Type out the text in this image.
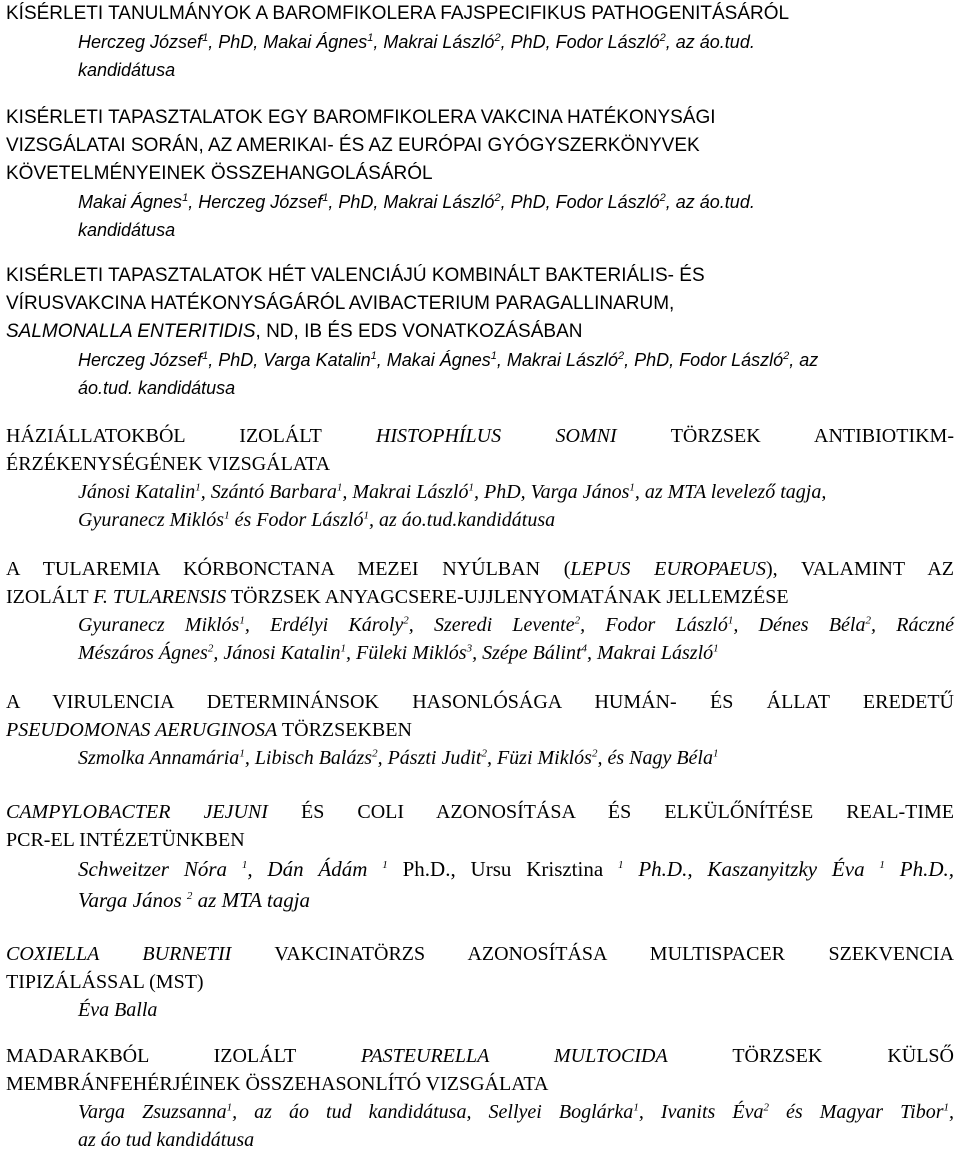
KÍSÉRLETI TANULMÁNYOK A BAROMFIKOLERA FAJSPECIFIKUS PATHOGENITÁSÁRÓL
Herczeg József$^1$, PhD, Makai Ágnes$^1$, Makrai László$^2$, PhD, Fodor László$^2$, az áo.tud.
kandidátusa
KISÉRLETI TAPASZTALATOK EGY BAROMFIKOLERA VAKCINA HATÉKONYSÁGI
VIZSGÁLATAI SORÁN, AZ AMERIKAI- ÉS AZ EURÓPAI GYÓGYSZERKÖNYVEK
KÖVETELMÉNYEINEK ÖSSZEHANGOLÁSÁRÓL
Makai Ágnes$^1$, Herczeg József$^1$, PhD, Makrai László$^2$, PhD, Fodor László$^2$, az áo.tud.
kandidátusa
KISÉRLETI TAPASZTALATOK HÉT VALENCIÁJÚ KOMBINÁLT BAKTERIÁLIS- ÉS
VÍRUSVAKCINA HATÉKONYSÁGÁRÓL AVIBACTERIUM PARAGALLINARUM,
SALMONALLA ENTERITIDIS, ND, IB ÉS EDS VONATKOZÁSÁBAN
Herczeg József$^1$, PhD, Varga Katalin$^1$, Makai Ágnes$^1$, Makrai László$^2$, PhD, Fodor László$^2$, az
áo.tud. kandidátusa
HÁZIÁLLATOKBÓL IZOLÁLT HISTOPHÍLUS SOMNI	TÖRZSEK ANTIBIOTIKM-
ÉRZÉKENYSÉGÉNEK VIZSGÁLATA
Jánosi Katalin$^1$, Szántó Barbara$^1$, Makrai László$^1$, PhD, Varga János$^1$, az MTA levelező tagja,
Gyuranecz Miklós$^1$ és Fodor László$^1$, az áo.tud.kandidátusa
A TULAREMIA KÓRBONCTANA MEZEI NYÚLBAN (LEPUS EUROPAEUS), VALAMINT AZ
IZOLÁLT F. TULARENSIS TÖRZSEK ANYAGCSERE-UJJLENYOMATÁNAK JELLEMZÉSE
Gyuranecz Miklós$^1$, Erdélyi Károly$^2$, Szeredi Levente$^2$, Fodor László$^1$, Dénes Béla$^2$, Ráczné
Mészáros Ágnes$^2$, Jánosi Katalin$^1$, Füleki Miklós$^3$, Szépe Bálint$^4$, Makrai László$^1$
A VIRULENCIA DETERMINÁNSOK HASONLÓSÁGA HUMÁN- ÉS ÁLLAT EREDETŰ
PSEUDOMONAS AERUGINOSA TÖRZSEKBEN
Szmolka Annamária$^1$, Libisch Balázs$^2$, Pászti Judit$^2$, Füzi Miklós$^2$, és Nagy Béla$^1$
CAMPYLOBACTER JEJUNI ÉS COLI AZONOSÍTÁSA ÉS ELKÜLŐNÍTÉSE REAL-TIME
PCR-EL INTÉZETÜNKBEN
Schweitzer Nóra $^1$, Dán Ádám $^1$ Ph.D., Ursu Krisztina $^1$ Ph.D., Kaszanyitzky Éva $^1$ Ph.D.,
Varga János $^2$ az MTA tagja
COXIELLA BURNETII VAKCINATÖRZS AZONOSÍTÁSA MULTISPACER SZEKVENCIA
TIPIZÁLÁSSAL (MST)
Éva Balla
MADARAKBÓL IZOLÁLT PASTEURELLA MULTOCIDA	TÖRZSEK KÜLSŐ
MEMBRÁNFEHÉRJÉINEK ÖSSZEHASONLÍTÓ VIZSGÁLATA
Varga Zsuzsanna$^1$, az áo tud kandidátusa, Sellyei Boglárka$^1$, Ivanits Éva$^2$ és Magyar Tibor$^1$,
az áo tud kandidátusa
